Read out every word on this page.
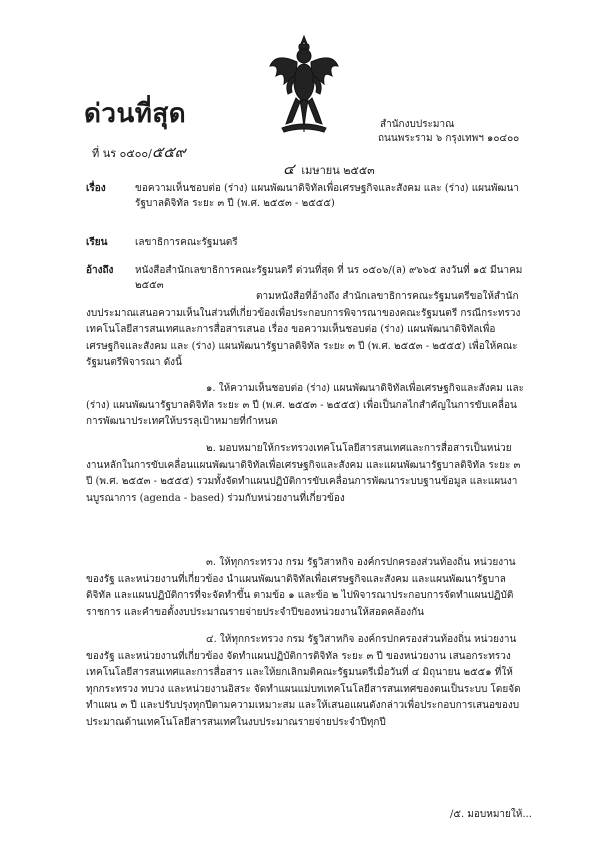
ด่วนที่สุด
ที่ นร ๐๕๐๐/๕๕๙
สำนักงบประมาณ
ถนนพระราม ๖ กรุงเทพฯ ๑๐๔๐๐
๔ เมษายน ๒๕๕๓
เรื่อง	ขอความเห็นชอบต่อ (ร่าง) แผนพัฒนาดิจิทัลเพื่อเศรษฐกิจและสังคม และ (ร่าง) แผนพัฒนารัฐบาลดิจิทัล ระยะ ๓ ปี (พ.ศ. ๒๕๕๓ - ๒๕๕๕)
เรียน	เลขาธิการคณะรัฐมนตรี
อ้างถึง หนังสือสำนักเลขาธิการคณะรัฐมนตรี ด่วนที่สุด ที่ นร ๐๕๐๖/(ล) ๙๖๖๕ ลงวันที่ ๑๕ มีนาคม ๒๕๕๓
ตามหนังสือที่อ้างถึง สำนักเลขาธิการคณะรัฐมนตรีขอให้สำนักงบประมาณเสนอความเห็นในส่วนที่เกี่ยวข้องเพื่อประกอบการพิจารณาของคณะรัฐมนตรี กรณีกระทรวงเทคโนโลยีสารสนเทศและการสื่อสารเสนอ เรื่อง ขอความเห็นชอบต่อ (ร่าง) แผนพัฒนาดิจิทัลเพื่อเศรษฐกิจและสังคม และ (ร่าง) แผนพัฒนารัฐบาลดิจิทัล ระยะ ๓ ปี (พ.ศ. ๒๕๕๓ - ๒๕๕๕) เพื่อให้คณะรัฐมนตรีพิจารณา ดังนี้
๑. ให้ความเห็นชอบต่อ (ร่าง) แผนพัฒนาดิจิทัลเพื่อเศรษฐกิจและสังคม และ (ร่าง) แผนพัฒนารัฐบาลดิจิทัล ระยะ ๓ ปี (พ.ศ. ๒๕๕๓ - ๒๕๕๕) เพื่อเป็นกลไกสำคัญในการขับเคลื่อนการพัฒนาประเทศให้บรรลุเป้าหมายที่กำหนด
๒. มอบหมายให้กระทรวงเทคโนโลยีสารสนเทศและการสื่อสารเป็นหน่วยงานหลักในการขับเคลื่อนแผนพัฒนาดิจิทัลเพื่อเศรษฐกิจและสังคม และแผนพัฒนารัฐบาลดิจิทัล ระยะ ๓ ปี (พ.ศ. ๒๕๕๓ - ๒๕๕๕) รวมทั้งจัดทำแผนปฏิบัติการขับเคลื่อนการพัฒนาระบบฐานข้อมูล และแผนงานบูรณาการ (agenda - based) ร่วมกับหน่วยงานที่เกี่ยวข้อง
๓. ให้ทุกกระทรวง กรม รัฐวิสาหกิจ องค์กรปกครองส่วนท้องถิ่น หน่วยงานของรัฐ และหน่วยงานที่เกี่ยวข้อง นำแผนพัฒนาดิจิทัลเพื่อเศรษฐกิจและสังคม และแผนพัฒนารัฐบาลดิจิทัล และแผนปฏิบัติการที่จะจัดทำขึ้น ตามข้อ ๑ และข้อ ๒ ไปพิจารณาประกอบการจัดทำแผนปฏิบัติราชการ และคำขอตั้งงบประมาณรายจ่ายประจำปีของหน่วยงานให้สอดคล้องกัน
๔. ให้ทุกกระทรวง กรม รัฐวิสาหกิจ องค์กรปกครองส่วนท้องถิ่น หน่วยงานของรัฐ และหน่วยงานที่เกี่ยวข้อง จัดทำแผนปฏิบัติการดิจิทัล ระยะ ๓ ปี ของหน่วยงาน เสนอกระทรวงเทคโนโลยีสารสนเทศและการสื่อสาร และให้ยกเลิกมติคณะรัฐมนตรีเมื่อวันที่ ๔ มิถุนายน ๒๕๕๑ ที่ให้ทุกกระทรวง ทบวง และหน่วยงานอิสระ จัดทำแผนแม่บทเทคโนโลยีสารสนเทศของตนเป็นระบบ โดยจัดทำแผน ๓ ปี และปรับปรุงทุกปีตามความเหมาะสม และให้เสนอแผนดังกล่าวเพื่อประกอบการเสนอของบประมาณด้านเทคโนโลยีสารสนเทศในงบประมาณรายจ่ายประจำปีทุกปี
/๕. มอบหมายให้...
